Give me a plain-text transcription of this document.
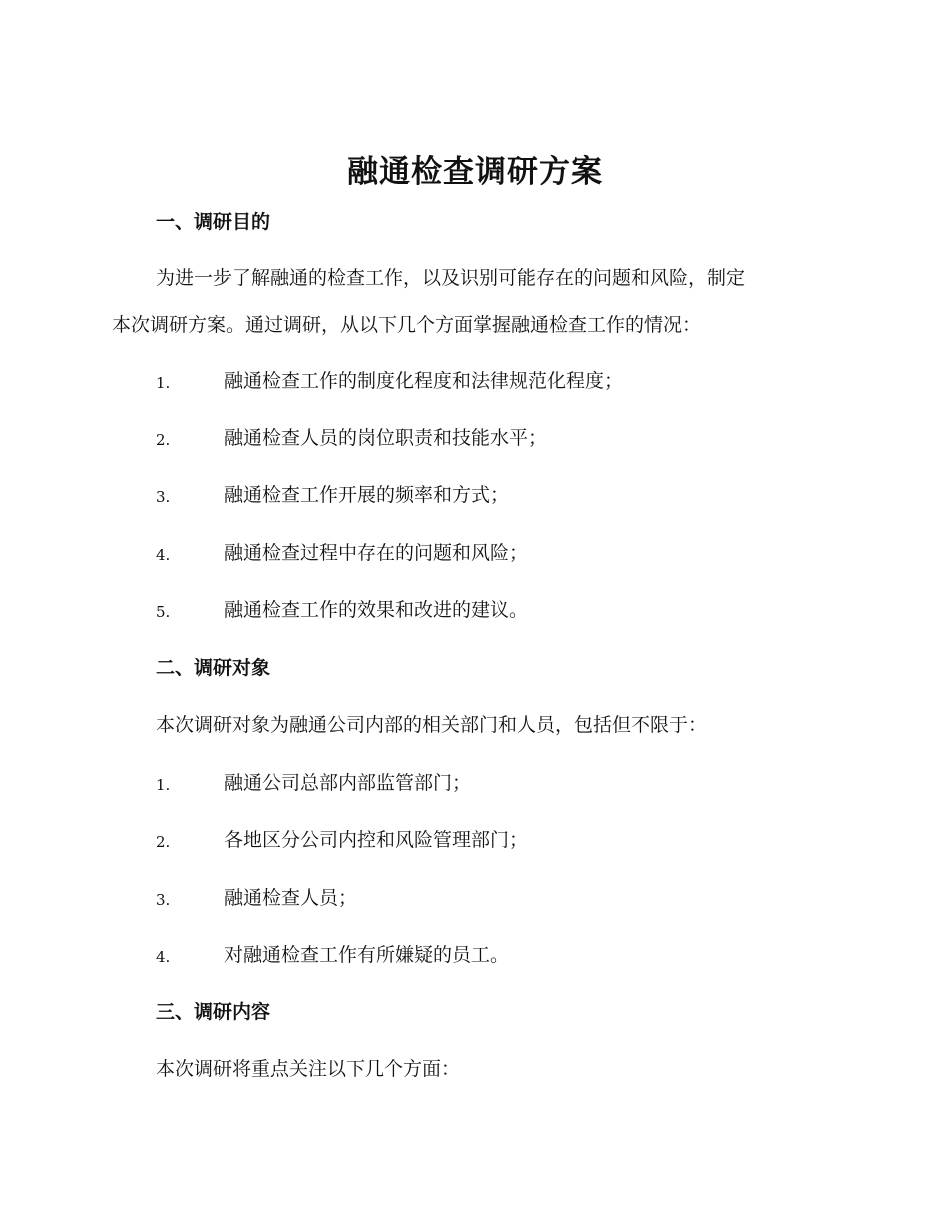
融通检查调研方案
一、调研目的
为进一步了解融通的检查工作，以及识别可能存在的问题和风险，制定
本次调研方案。通过调研，从以下几个方面掌握融通检查工作的情况：
1.	融通检查工作的制度化程度和法律规范化程度；
2.	融通检查人员的岗位职责和技能水平；
3.	融通检查工作开展的频率和方式；
4.	融通检查过程中存在的问题和风险；
5.	融通检查工作的效果和改进的建议。
二、调研对象
本次调研对象为融通公司内部的相关部门和人员，包括但不限于：
1.	融通公司总部内部监管部门；
2.	各地区分公司内控和风险管理部门；
3.	融通检查人员；
4.	对融通检查工作有所嫌疑的员工。
三、调研内容
本次调研将重点关注以下几个方面：
